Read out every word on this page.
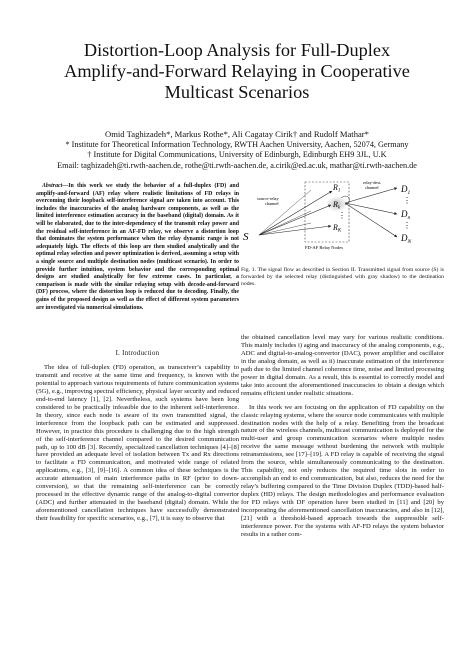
Distortion-Loop Analysis for Full-Duplex
Amplify-and-Forward Relaying in Cooperative
Multicast Scenarios
Omid Taghizadeh*, Markus Rothe*, Ali Cagatay Cirik† and Rudolf Mathar*
* Institute for Theoretical Information Technology, RWTH Aachen University, Aachen, 52074, Germany
† Institute for Digital Communications, University of Edinburgh, Edinburgh EH9 3JL, U.K
Email: taghizadeh@ti.rwth-aachen.de, rothe@ti.rwth-aachen.de, a.cirik@ed.ac.uk, mathar@ti.rwth-aachen.de
Abstract—In this work we study the behavior of a full-duplex (FD) and amplify-and-forward (AF) relay where realistic limitations of FD relays in overcoming their loopback self-interference signal are taken into account. This includes the inaccuracies of the analog hardware components, as well as the limited interference estimation accuracy in the baseband (digital) domain. As it will be elaborated, due to the inter-dependency of the transmit relay power and the residual self-interference in an AF-FD relay, we observe a distortion loop that dominates the system performance when the relay dynamic range is not adequately high. The effects of this loop are then studied analytically and the optimal relay selection and power optimization is derived, assuming a setup with a single source and multiple destination nodes (multicast scenario). In order to provide further intuition, system behavior and the corresponding optimal designs are studied analytically for few extreme cases. In particular, a comparison is made with the similar relaying setup with decode-and-forward (DF) process, where the distortion loop is reduced due to decoding. Finally, the gains of the proposed design as well as the effect of different system parameters are investigated via numerical simulations.
I. Introduction

The idea of full-duplex (FD) operation, as transceiver’s capability to transmit and receive at the same time and frequency, is known with the potential to approach various requirements of future communication systems (5G), e.g., improving spectral efficiency, physical layer security and reduced end-to-end latency [1], [2]. Nevertheless, such systems have been long considered to be practically infeasible due to the inherent self-interference. In theory, since each node is aware of its own transmitted signal, the interference from the loopback path can be estimated and suppressed. However, in practice this procedure is challenging due to the high strength of the self-interference channel compared to the desired communication path, up to 100 dB [3]. Recently, specialized cancellation techniques [4]–[8] have provided an adequate level of isolation between Tx and Rx directions to facilitate a FD communication, and motivated wide range of related applications, e.g., [3], [9]–[16]. A common idea of these techniques is the accurate attenuation of main interference paths in RF (prior to down-conversion), so that the remaining self-interference can be correctly processed in the effective dynamic range of the analog-to-digital convertor (ADC) and further attenuated in the baseband (digital) domain. While the aforementioned cancellation techniques have successfully demonstrated their feasibility for specific scenarios, e.g., [7], it is easy to observe that

⋮
⋮
⋮
S
R1
Rk
RK
$D_1$
$D_n$
$D_N$
source-relay channel
relay-dest. channel
FD-AF Relay Nodes
Fig. 1. The signal flow as described in Section II. Transmitted signal from source (S) is forwarded by the selected relay (distinguished with gray shadow) to the destination nodes.

the obtained cancellation level may vary for various realistic conditions. This mainly includes i) aging and inaccuracy of the analog components, e.g., ADC and digital-to-analog-convertor (DAC), power amplifier and oscillator in the analog domain, as well as ii) inaccurate estimation of the interference path due to the limited channel coherence time, noise and limited processing power in digital domain. As a result, this is essential to correctly model and take into account the aforementioned inaccuracies to obtain a design which remains efficient under realistic situations.

In this work we are focusing on the application of FD capability on the classic relaying systems, where the source node communicates with multiple destination nodes with the help of a relay. Benefiting from the broadcast nature of the wireless channels, multicast communication is deployed for the multi-user and group communication scenarios where multiple nodes receive the same message without burdening the network with multiple retransmissions, see [17]–[19]. A FD relay is capable of receiving the signal from the source, while simultaneously communicating to the destination. This capability, not only reduces the required time slots in order to accomplish an end to end communication, but also, reduces the need for the relay’s buffering compared to the Time Division Duplex (TDD)-based half-duplex (HD) relays. The design methodologies and performance evaluation for FD relays with DF operation have been studied in [11] and [20] by incorporating the aforementioned cancellation inaccuracies, and also in [12], [21] with a threshold-based approach towards the suppressible self-interference power. For the systems with AF-FD relays the system behavior results in a rather com-
